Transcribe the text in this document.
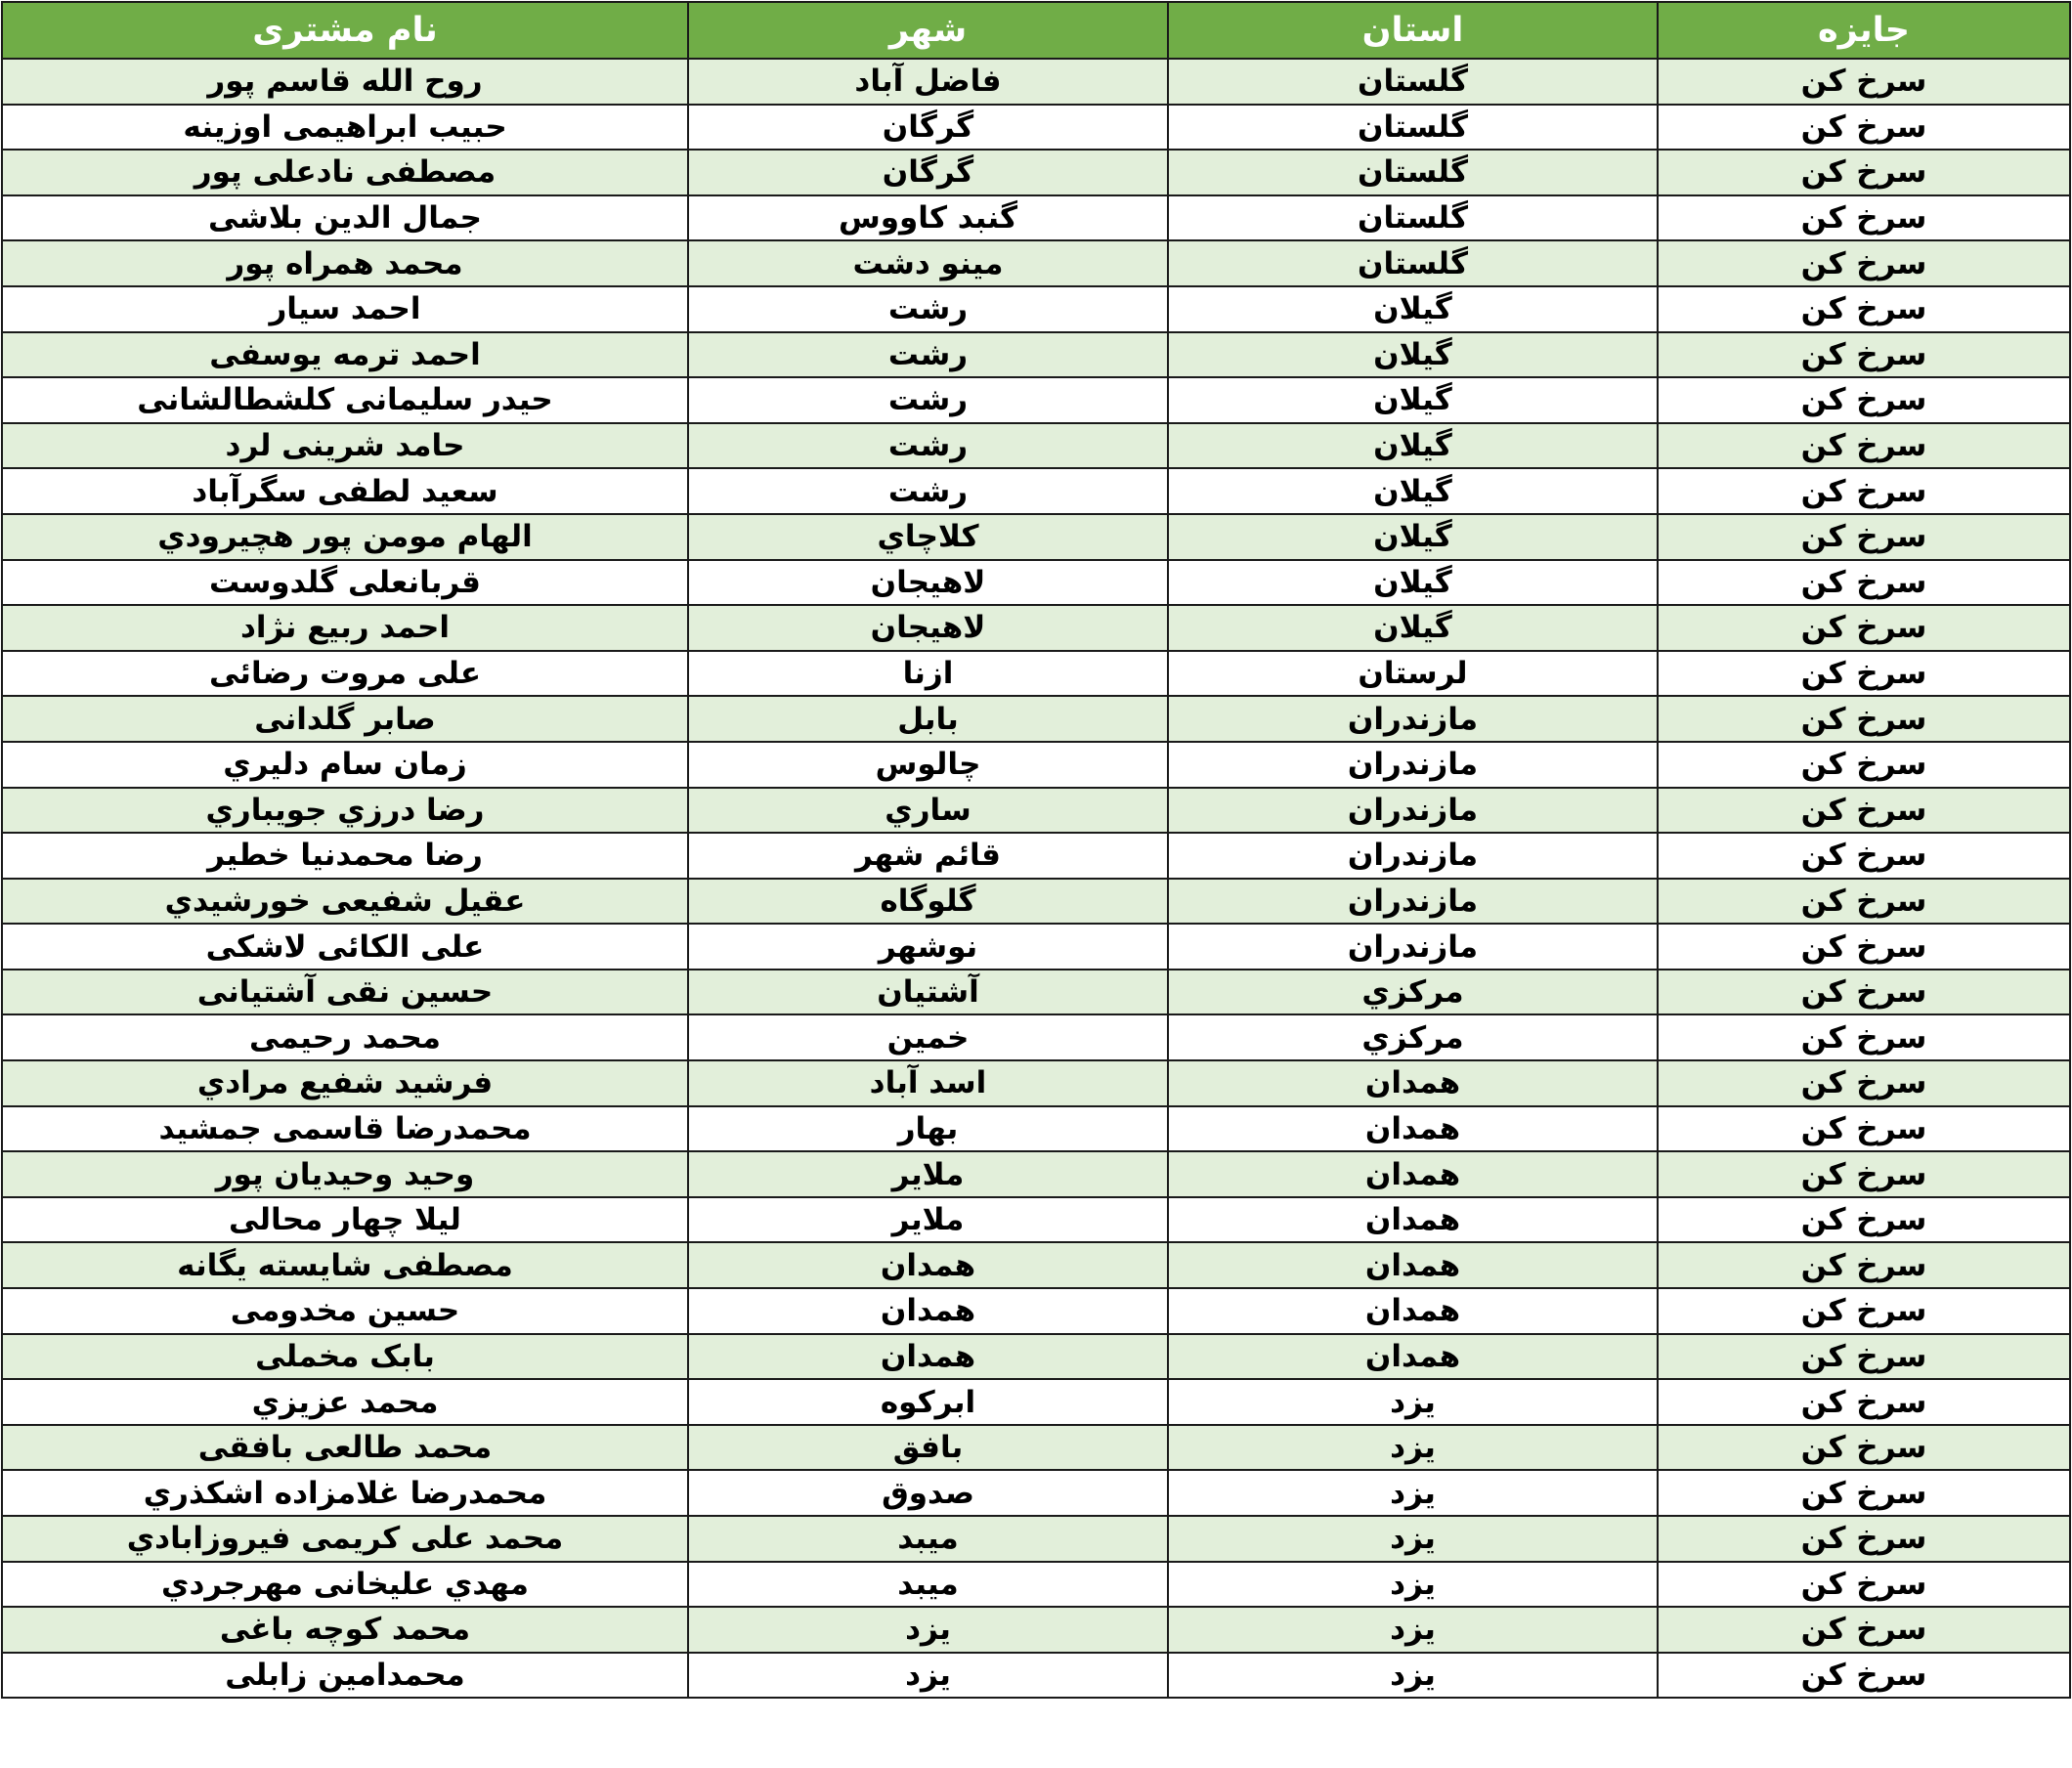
نام مشتری	شهر	استان	جایزه
روح الله قاسم پور	فاضل آباد	گلستان	سرخ کن
حبیب ابراهیمی اوزینه	گرگان	گلستان	سرخ کن
مصطفی نادعلی پور	گرگان	گلستان	سرخ کن
جمال الدین بلاشی	گنبد کاووس	گلستان	سرخ کن
محمد همراه پور	مینو دشت	گلستان	سرخ کن
احمد سیار	رشت	گیلان	سرخ کن
احمد ترمه یوسفی	رشت	گیلان	سرخ کن
حیدر سلیمانی کلشطالشانی	رشت	گیلان	سرخ کن
حامد شرینی لرد	رشت	گیلان	سرخ کن
سعید لطفی سگرآباد	رشت	گیلان	سرخ کن
الهام مومن پور هچیرودي	کلاچاي	گیلان	سرخ کن
قربانعلی گلدوست	لاهیجان	گیلان	سرخ کن
احمد ربیع نژاد	لاهیجان	گیلان	سرخ کن
علی مروت رضائی	ازنا	لرستان	سرخ کن
صابر گلدانی	بابل	مازندران	سرخ کن
زمان سام دلیري	چالوس	مازندران	سرخ کن
رضا درزي جویباري	ساري	مازندران	سرخ کن
رضا محمدنیا خطیر	قائم شهر	مازندران	سرخ کن
عقیل شفیعی خورشیدي	گلوگاه	مازندران	سرخ کن
علی الکائی لاشکی	نوشهر	مازندران	سرخ کن
حسین نقی آشتیانی	آشتیان	مرکزي	سرخ کن
محمد رحیمی	خمین	مرکزي	سرخ کن
فرشید شفیع مرادي	اسد آباد	همدان	سرخ کن
محمدرضا قاسمی جمشید	بهار	همدان	سرخ کن
وحید وحیدیان پور	ملایر	همدان	سرخ کن
لیلا چهار محالی	ملایر	همدان	سرخ کن
مصطفی شایسته یگانه	همدان	همدان	سرخ کن
حسین مخدومی	همدان	همدان	سرخ کن
بابک مخملی	همدان	همدان	سرخ کن
محمد عزیزي	ابرکوه	یزد	سرخ کن
محمد طالعی بافقی	بافق	یزد	سرخ کن
محمدرضا غلامزاده اشکذري	صدوق	یزد	سرخ کن
محمد علی کریمی فیروزابادي	میبد	یزد	سرخ کن
مهدي علیخانی مهرجردي	میبد	یزد	سرخ کن
محمد کوچه باغی	یزد	یزد	سرخ کن
محمدامین زابلی	یزد	یزد	سرخ کن
